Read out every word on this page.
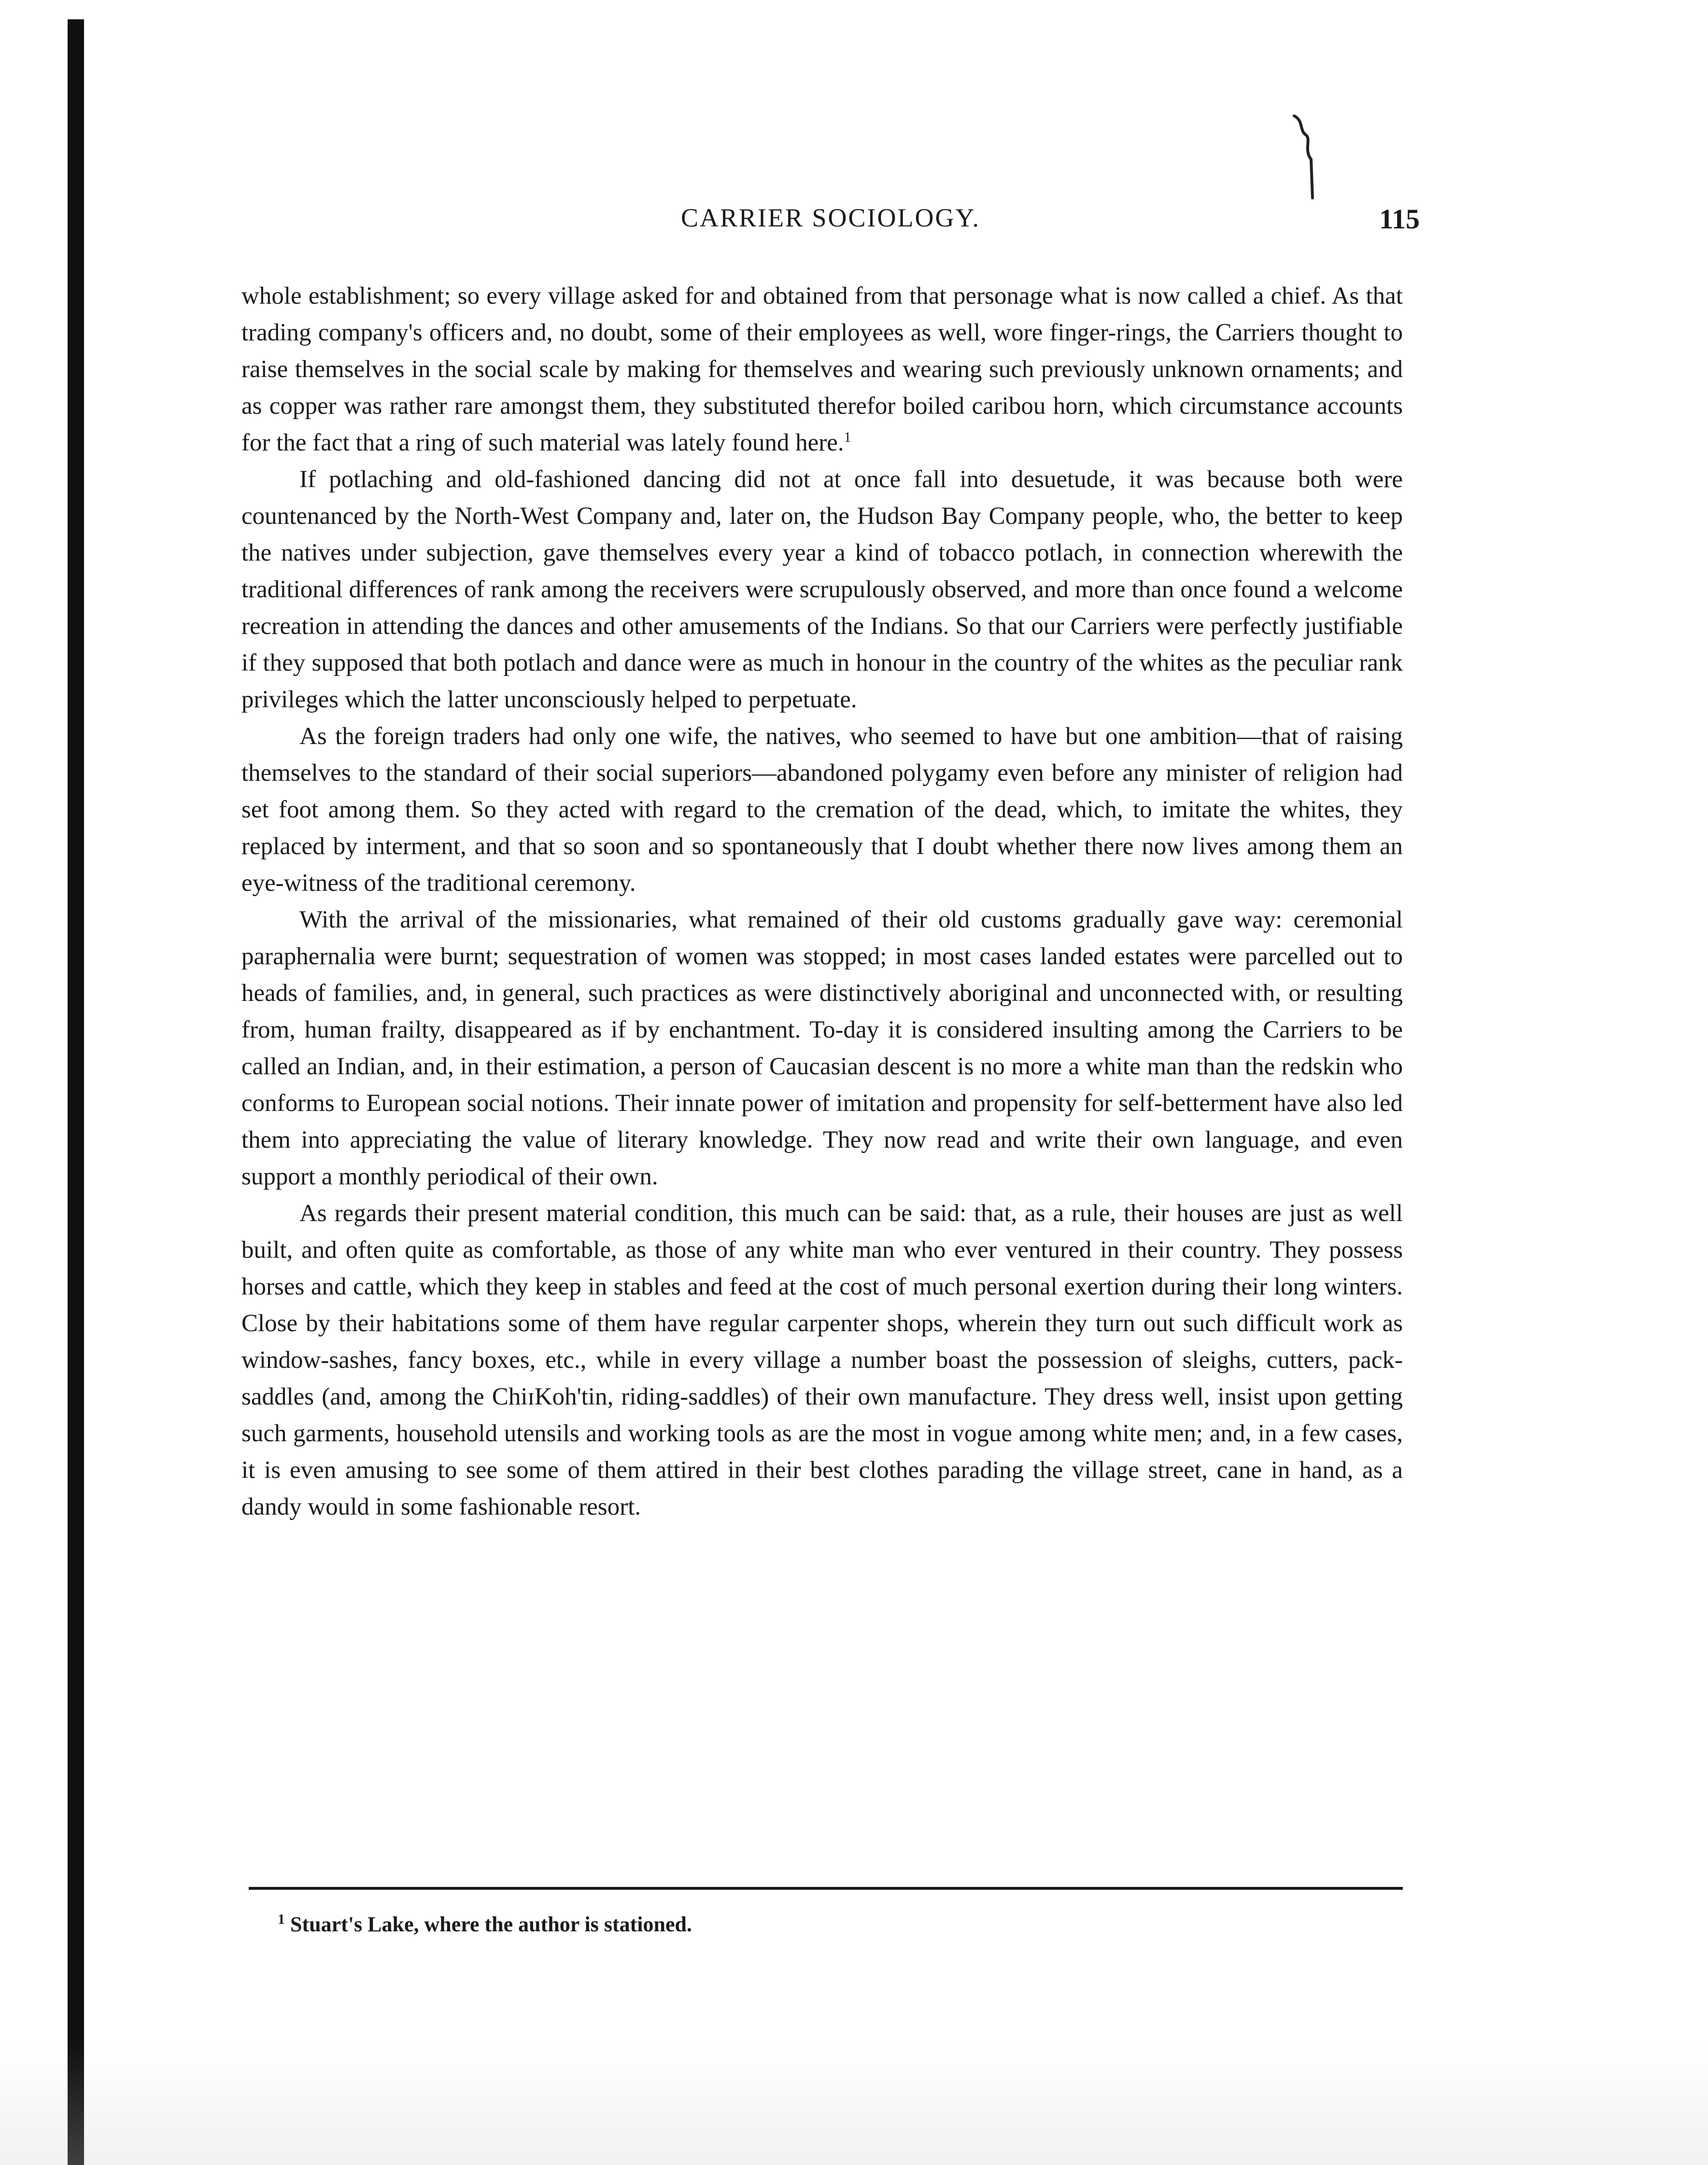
CARRIER SOCIOLOGY.	115

whole establishment; so every village asked for and obtained from that personage what is now called a chief. As that trading company's officers and, no doubt, some of their employees as well, wore finger-rings, the Carriers thought to raise themselves in the social scale by making for themselves and wearing such previously unknown ornaments; and as copper was rather rare amongst them, they substituted therefor boiled caribou horn, which circumstance accounts for the fact that a ring of such material was lately found here.$^1$

If potlaching and old-fashioned dancing did not at once fall into desuetude, it was because both were countenanced by the North-West Company and, later on, the Hudson Bay Company people, who, the better to keep the natives under subjection, gave themselves every year a kind of tobacco potlach, in connection wherewith the traditional differences of rank among the receivers were scrupulously observed, and more than once found a welcome recreation in attending the dances and other amusements of the Indians. So that our Carriers were perfectly justifiable if they supposed that both potlach and dance were as much in honour in the country of the whites as the peculiar rank privileges which the latter unconsciously helped to perpetuate.

As the foreign traders had only one wife, the natives, who seemed to have but one ambition—that of raising themselves to the standard of their social superiors—abandoned polygamy even before any minister of religion had set foot among them. So they acted with regard to the cremation of the dead, which, to imitate the whites, they replaced by interment, and that so soon and so spontaneously that I doubt whether there now lives among them an eye-witness of the traditional ceremony.

With the arrival of the missionaries, what remained of their old customs gradually gave way: ceremonial paraphernalia were burnt; sequestration of women was stopped; in most cases landed estates were parcelled out to heads of families, and, in general, such practices as were distinctively aboriginal and unconnected with, or resulting from, human frailty, disappeared as if by enchantment. To-day it is considered insulting among the Carriers to be called an Indian, and, in their estimation, a person of Caucasian descent is no more a white man than the redskin who conforms to European social notions. Their innate power of imitation and propensity for self-betterment have also led them into appreciating the value of literary knowledge. They now read and write their own language, and even support a monthly periodical of their own.

As regards their present material condition, this much can be said: that, as a rule, their houses are just as well built, and often quite as comfortable, as those of any white man who ever ventured in their country. They possess horses and cattle, which they keep in stables and feed at the cost of much personal exertion during their long winters. Close by their habitations some of them have regular carpenter shops, wherein they turn out such difficult work as window-sashes, fancy boxes, etc., while in every village a number boast the possession of sleighs, cutters, pack-saddles (and, among the ChiɪKoh'tin, riding-saddles) of their own manufacture. They dress well, insist upon getting such garments, household utensils and working tools as are the most in vogue among white men; and, in a few cases, it is even amusing to see some of them attired in their best clothes parading the village street, cane in hand, as a dandy would in some fashionable resort.

$^1$ Stuart's Lake, where the author is stationed.
